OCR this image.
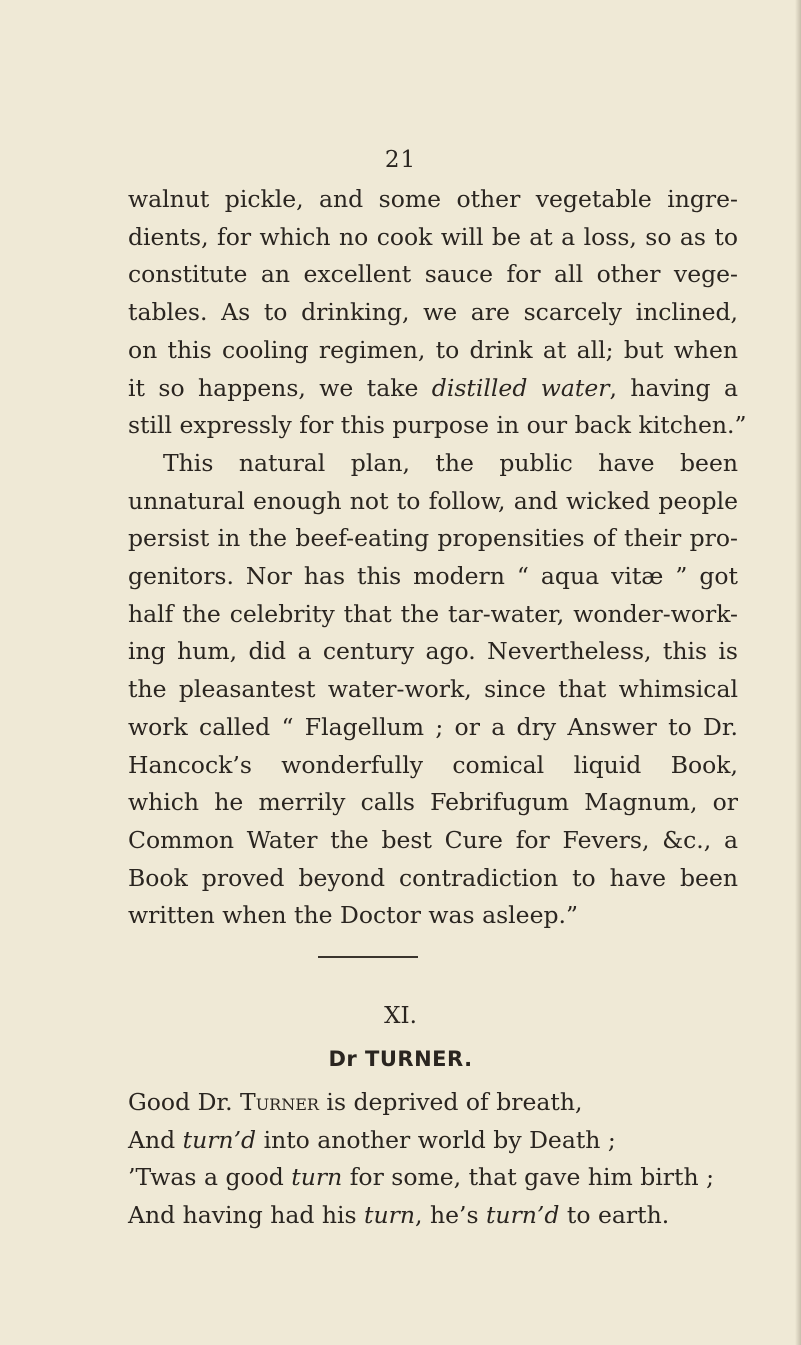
21
walnut pickle, and some other vegetable ingre-
dients, for which no cook will be at a loss, so as to
constitute an excellent sauce for all other vege-
tables. As to drinking, we are scarcely inclined,
on this cooling regimen, to drink at all; but when
it so happens, we take distilled water, having a
still expressly for this purpose in our back kitchen.”
This natural plan, the public have been
unnatural enough not to follow, and wicked people
persist in the beef-eating propensities of their pro-
genitors. Nor has this modern “ aqua vitæ ” got
half the celebrity that the tar-water, wonder-work-
ing hum, did a century ago. Nevertheless, this is
the pleasantest water-work, since that whimsical
work called “ Flagellum ; or a dry Answer to Dr.
Hancock’s wonderfully comical liquid Book,
which he merrily calls Febrifugum Magnum, or
Common Water the best Cure for Fevers, &c., a
Book proved beyond contradiction to have been
written when the Doctor was asleep.”
XI.
Dr TURNER.
Good Dr. Turner is deprived of breath,
And turn’d into another world by Death ;
’Twas a good turn for some, that gave him birth ;
And having had his turn, he’s turn’d to earth.
